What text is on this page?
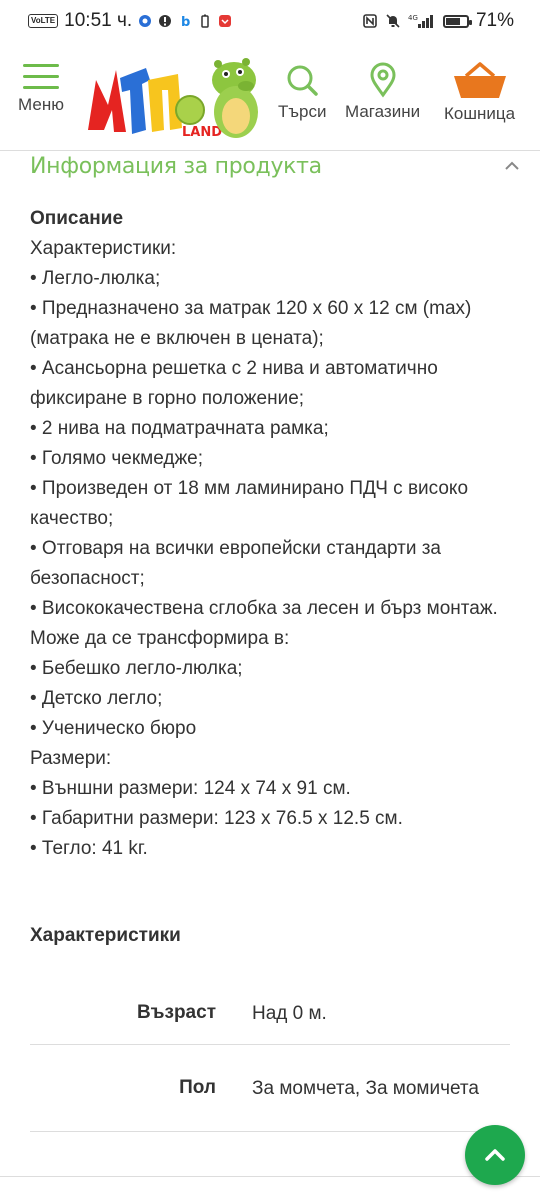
VoLTE 10:51 ч.	b	4G	71%
Меню
LAND
Търси Магазини Кошница
Информация за продукта

Описание

Характеристики:

• Легло-люлка;

• Предназначено за матрак 120 х 60 х 12 см (max) (матрака не е включен в цената);

• Асансьорна решетка с 2 нива и автоматично фиксиране в горно положение;

• 2 нива на подматрачната рамка;

• Голямо чекмедже;

• Произведен от 18 мм ламинирано ПДЧ с високо качество;

• Отговаря на всички европейски стандарти за безопасност;

• Висококачествена сглобка за лесен и бърз монтаж.

Може да се трансформира в:

• Бебешко легло-люлка;

• Детско легло;

• Ученическо бюро

Размери:

• Външни размери: 124 х 74 х 91 см.

• Габаритни размери: 123 х 76.5 х 12.5 см.

• Тегло: 41 kг.

Характеристики
Възраст	Над 0 м.
Пол	За момчета, За момичета
